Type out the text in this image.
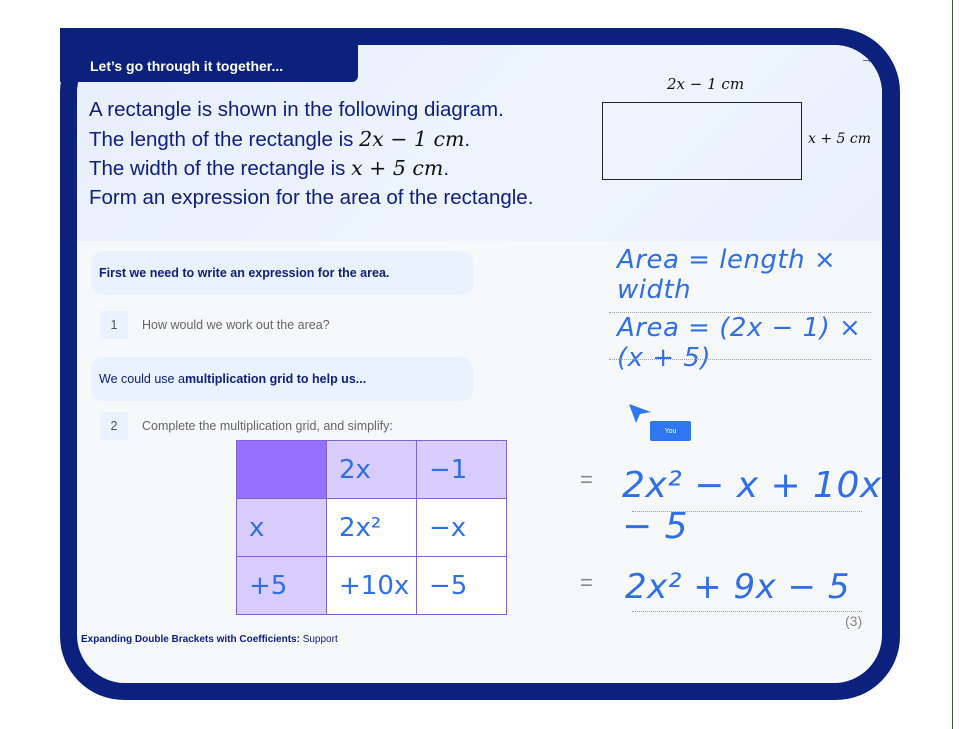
Let’s go through it together...
A rectangle is shown in the following diagram.
The length of the rectangle is 2x − 1 cm.
The width of the rectangle is x + 5 cm.
Form an expression for the area of the rectangle.
2x − 1 cm
x + 5 cm
→
First we need to write an expression for the area.
1	How would we work out the area?
We could use a multiplication grid to help us...
2	Complete the multiplication grid, and simplify:
Area = length × width
Area = (2x − 1) × (x + 5)
You
2x² − x + 10x − 5
2x² + 9x − 5
=
=
	2x	−1
x	2x²	−x
+5	+10x	−5
(3)
Expanding Double Brackets with Coefficients: Support
